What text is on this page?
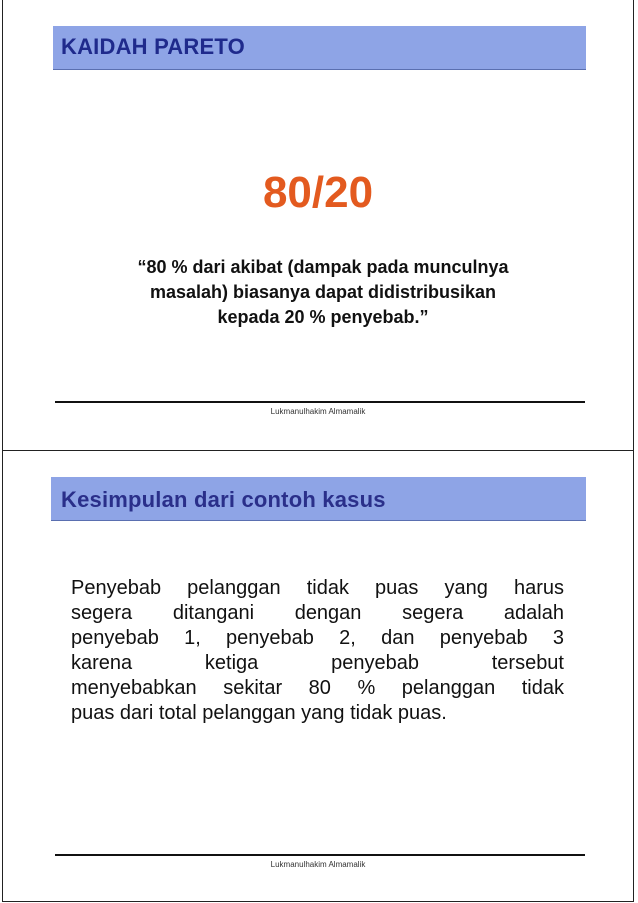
KAIDAH PARETO
80/20
“80 % dari akibat (dampak pada munculnya
masalah) biasanya dapat didistribusikan
kepada 20 % penyebab.”
Lukmanulhakim Almamalik
Kesimpulan dari contoh kasus
Penyebab pelanggan tidak puas yang harus
segera ditangani dengan segera adalah
penyebab 1, penyebab 2, dan penyebab 3
karena ketiga penyebab tersebut
menyebabkan sekitar 80 % pelanggan tidak
puas dari total pelanggan yang tidak puas.
Lukmanulhakim Almamalik
